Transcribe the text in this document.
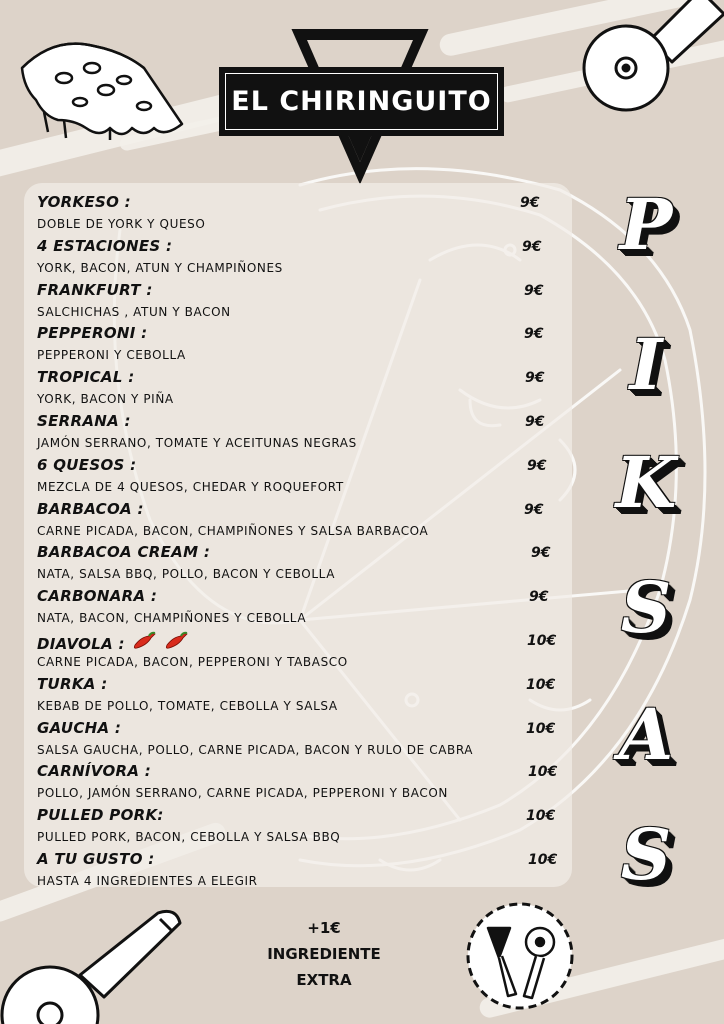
EL CHIRINGUITO
YORKESO :	9€
DOBLE DE YORK Y QUESO
4 ESTACIONES :	9€
YORK, BACON, ATUN Y CHAMPIÑONES
FRANKFURT :	9€
SALCHICHAS , ATUN Y BACON
PEPPERONI :	9€
PEPPERONI Y CEBOLLA
TROPICAL :	9€
YORK, BACON Y PIÑA
SERRANA :	9€
JAMÓN SERRANO, TOMATE Y ACEITUNAS NEGRAS
6 QUESOS :	9€
MEZCLA DE 4 QUESOS, CHEDAR Y ROQUEFORT
BARBACOA :	9€
CARNE PICADA, BACON, CHAMPIÑONES Y SALSA BARBACOA
BARBACOA CREAM :	9€
NATA, SALSA BBQ, POLLO, BACON Y CEBOLLA
CARBONARA :	9€
NATA, BACON, CHAMPIÑONES Y CEBOLLA
DIAVOLA :	10€
CARNE PICADA, BACON, PEPPERONI Y TABASCO
TURKA :	10€
KEBAB DE POLLO, TOMATE, CEBOLLA Y SALSA
GAUCHA :	10€
SALSA GAUCHA, POLLO, CARNE PICADA, BACON Y RULO DE CABRA
CARNÍVORA :	10€
POLLO, JAMÓN SERRANO, CARNE PICADA, PEPPERONI Y BACON
PULLED PORK:	10€
PULLED PORK, BACON, CEBOLLA Y SALSA BBQ
A TU GUSTO :	10€
HASTA 4 INGREDIENTES A ELEGIR
P
I
K
S
A
S
+1€
INGREDIENTE
EXTRA
